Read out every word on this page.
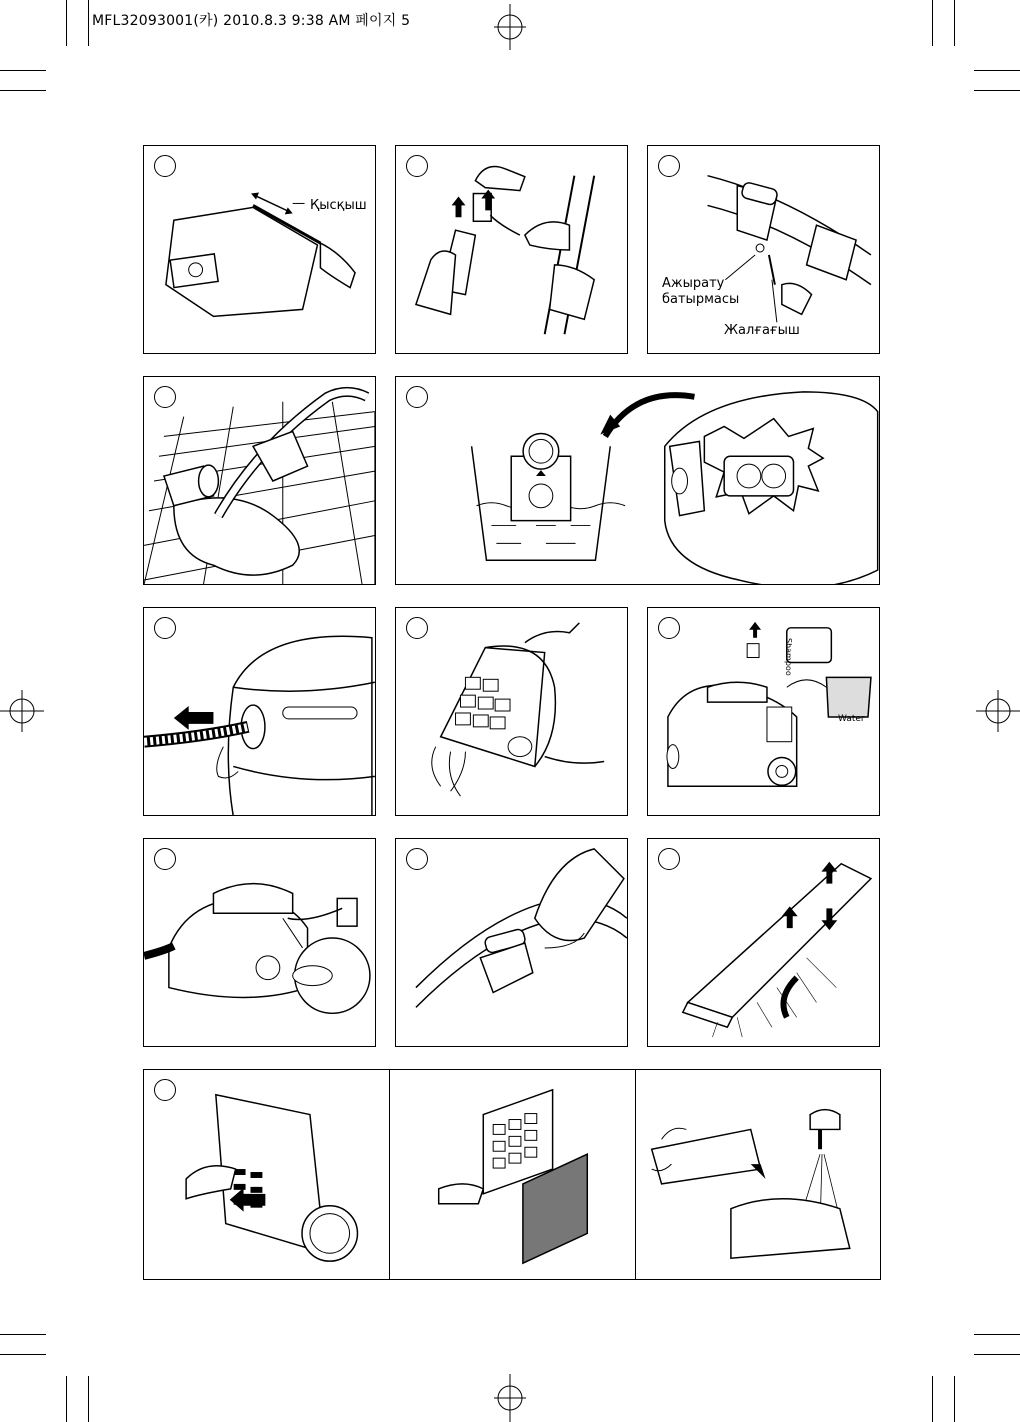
MFL32093001(카) 2010.8.3 9:38 AM 페이지 5
Қысқыш
Ажырату
батырмасы
Жалғағыш
Shampoo
Water
